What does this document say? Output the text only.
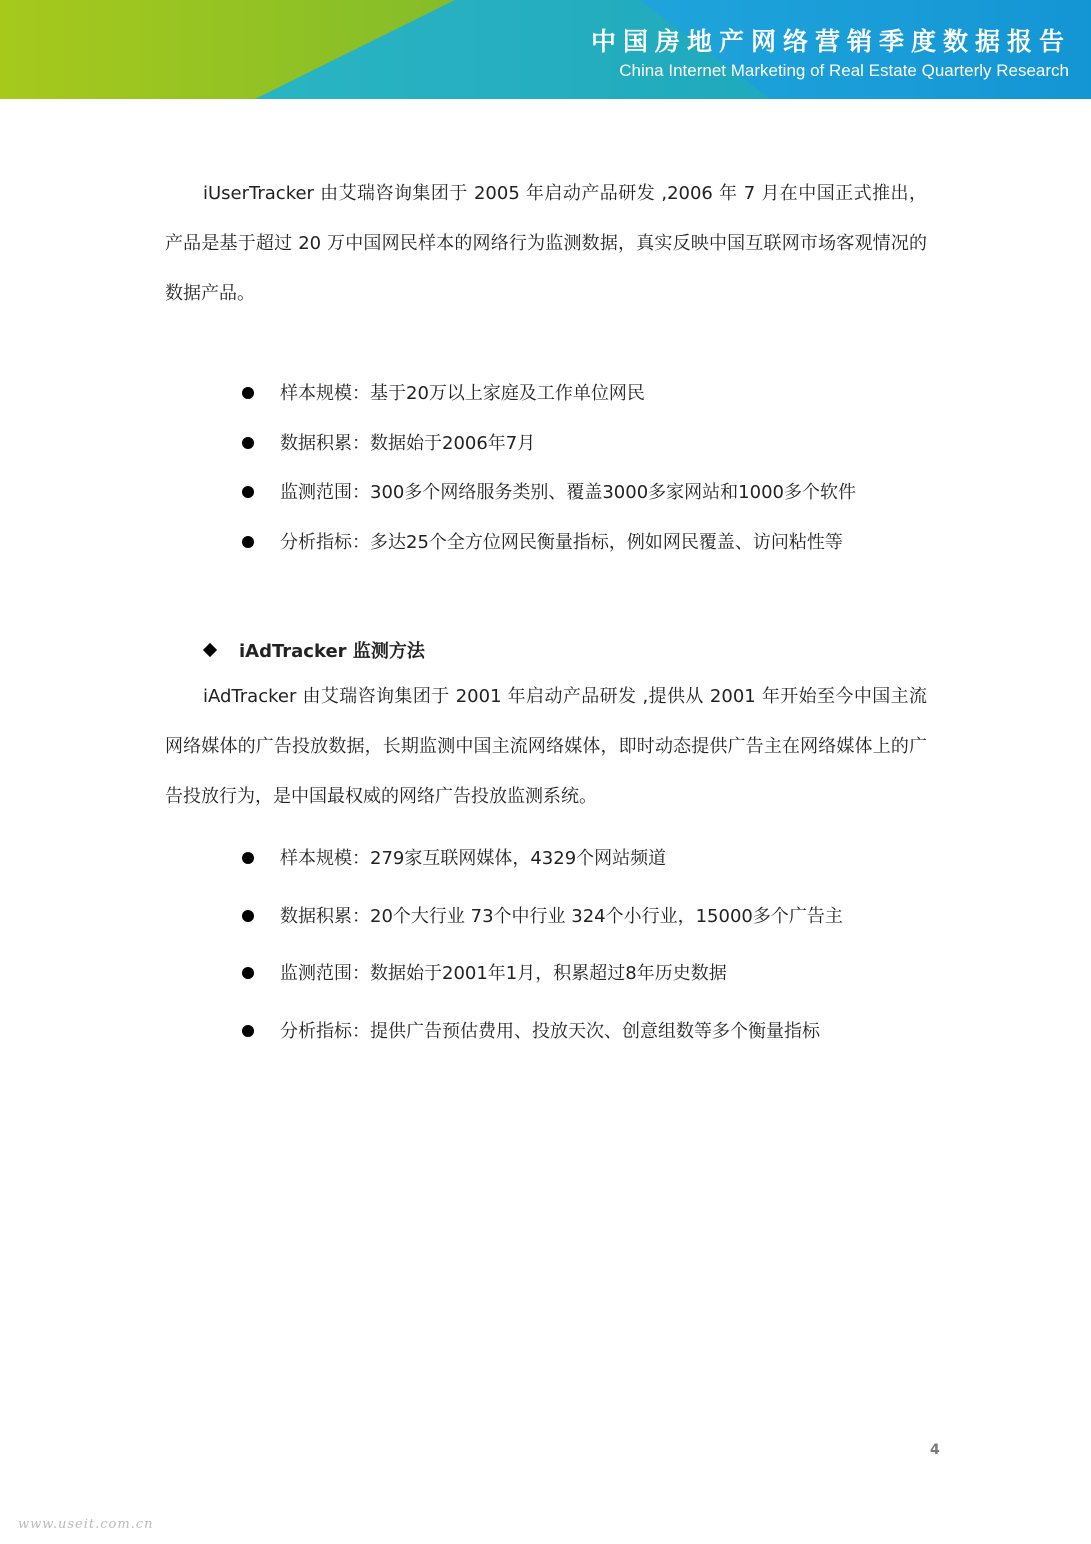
中国房地产网络营销季度数据报告
China Internet Marketing of Real Estate Quarterly Research

iUserTracker 由艾瑞咨询集团于 2005 年启动产品研发 ,2006 年 7 月在中国正式推出，产品是基于超过 20 万中国网民样本的网络行为监测数据，真实反映中国互联网市场客观情况的数据产品。

样本规模：基于20万以上家庭及工作单位网民
数据积累：数据始于2006年7月
监测范围：300多个网络服务类别、覆盖3000多家网站和1000多个软件
分析指标：多达25个全方位网民衡量指标，例如网民覆盖、访问粘性等
iAdTracker 监测方法

iAdTracker 由艾瑞咨询集团于 2001 年启动产品研发 ,提供从 2001 年开始至今中国主流网络媒体的广告投放数据，长期监测中国主流网络媒体，即时动态提供广告主在网络媒体上的广告投放行为，是中国最权威的网络广告投放监测系统。

样本规模：279家互联网媒体，4329个网站频道
数据积累：20个大行业 73个中行业 324个小行业，15000多个广告主
监测范围：数据始于2001年1月，积累超过8年历史数据
分析指标：提供广告预估费用、投放天次、创意组数等多个衡量指标
4
www.useit.com.cn
